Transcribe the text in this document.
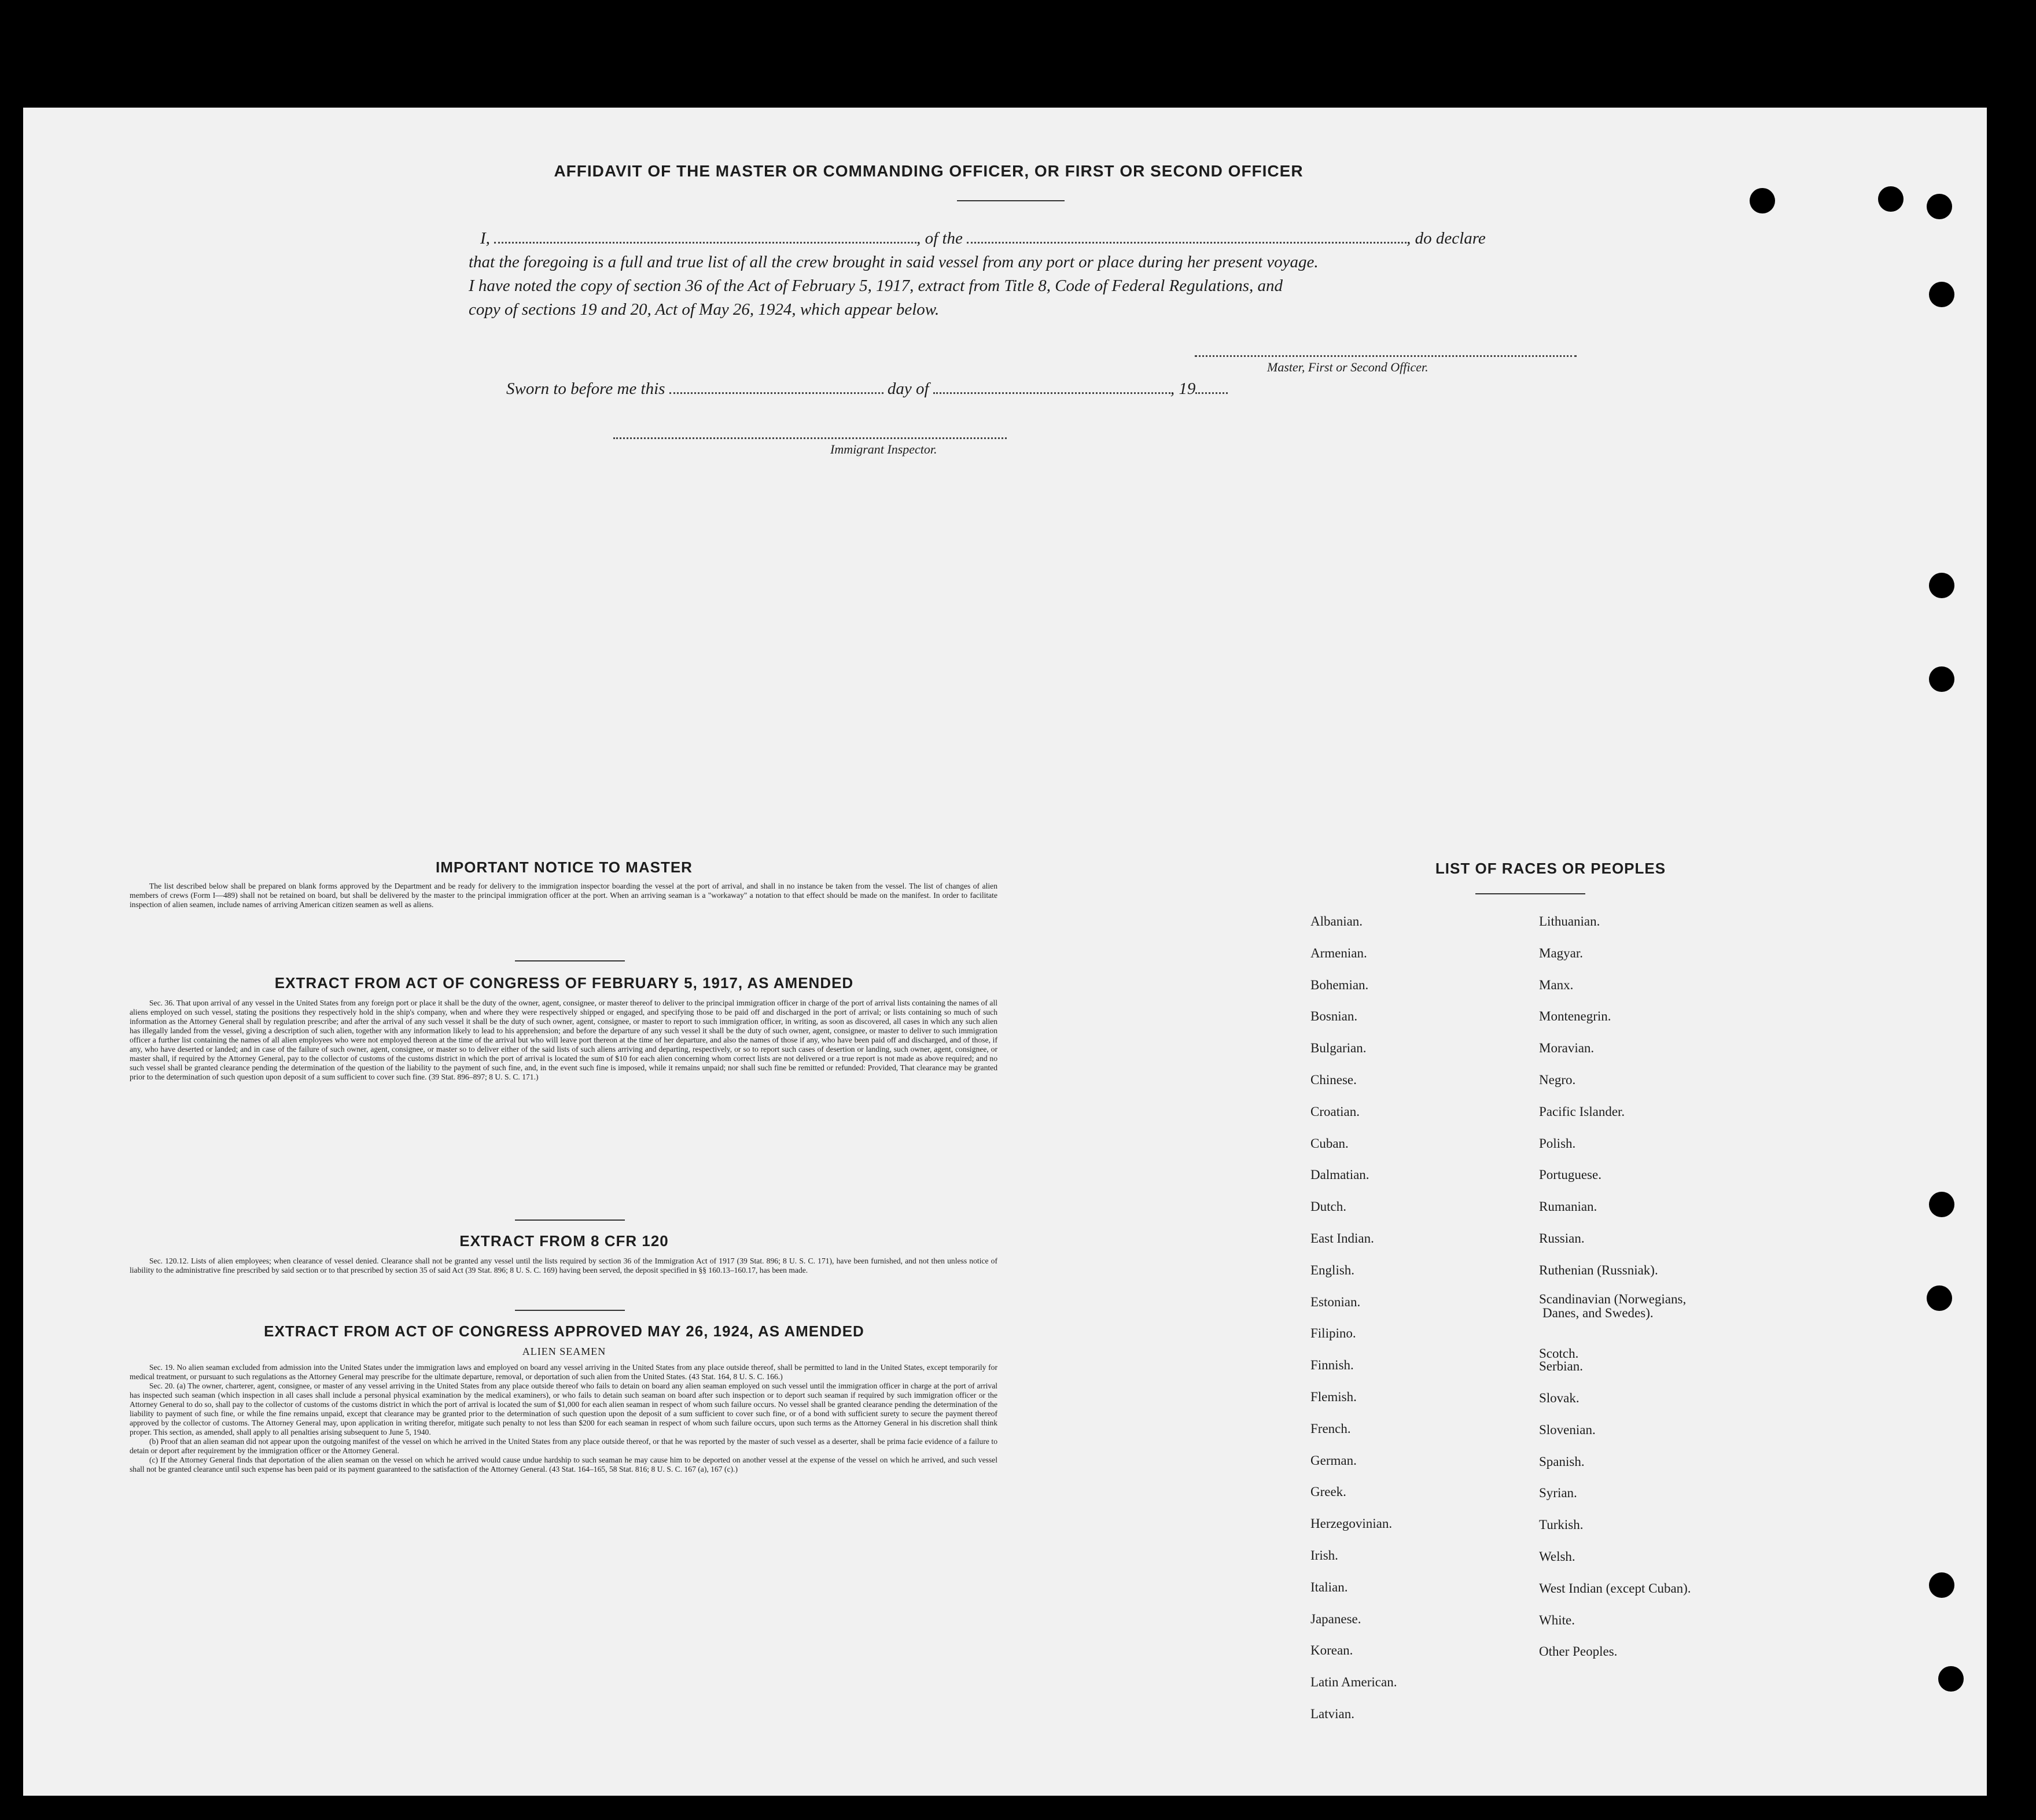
AFFIDAVIT OF THE MASTER OR COMMANDING OFFICER, OR FIRST OR SECOND OFFICER
I,	, of the	, do declare
that the foregoing is a full and true list of all the crew brought in said vessel from any port or place during her present voyage.
I have noted the copy of section 36 of the Act of February 5, 1917, extract from Title 8, Code of Federal Regulations, and
copy of sections 19 and 20, Act of May 26, 1924, which appear below.
Master, First or Second Officer.
Sworn to before me this	day of	, 19
Immigrant Inspector.
IMPORTANT NOTICE TO MASTER

The list described below shall be prepared on blank forms approved by the Department and be ready for delivery to the immigration inspector boarding the vessel at the port of arrival, and shall in no instance be taken from the vessel. The list of changes of alien members of crews (Form I—489) shall not be retained on board, but shall be delivered by the master to the principal immigration officer at the port. When an arriving seaman is a "workaway" a notation to that effect should be made on the manifest. In order to facilitate inspection of alien seamen, include names of arriving American citizen seamen as well as aliens.

EXTRACT FROM ACT OF CONGRESS OF FEBRUARY 5, 1917, AS AMENDED

Sec. 36. That upon arrival of any vessel in the United States from any foreign port or place it shall be the duty of the owner, agent, consignee, or master thereof to deliver to the principal immigration officer in charge of the port of arrival lists containing the names of all aliens employed on such vessel, stating the positions they respectively hold in the ship's company, when and where they were respectively shipped or engaged, and specifying those to be paid off and discharged in the port of arrival; or lists containing so much of such information as the Attorney General shall by regulation prescribe; and after the arrival of any such vessel it shall be the duty of such owner, agent, consignee, or master to report to such immigration officer, in writing, as soon as discovered, all cases in which any such alien has illegally landed from the vessel, giving a description of such alien, together with any information likely to lead to his apprehension; and before the departure of any such vessel it shall be the duty of such owner, agent, consignee, or master to deliver to such immigration officer a further list containing the names of all alien employees who were not employed thereon at the time of the arrival but who will leave port thereon at the time of her departure, and also the names of those if any, who have been paid off and discharged, and of those, if any, who have deserted or landed; and in case of the failure of such owner, agent, consignee, or master so to deliver either of the said lists of such aliens arriving and departing, respectively, or so to report such cases of desertion or landing, such owner, agent, consignee, or master shall, if required by the Attorney General, pay to the collector of customs of the customs district in which the port of arrival is located the sum of $10 for each alien concerning whom correct lists are not delivered or a true report is not made as above required; and no such vessel shall be granted clearance pending the determination of the question of the liability to the payment of such fine, and, in the event such fine is imposed, while it remains unpaid; nor shall such fine be remitted or refunded: Provided, That clearance may be granted prior to the determination of such question upon deposit of a sum sufficient to cover such fine. (39 Stat. 896–897; 8 U. S. C. 171.)

EXTRACT FROM 8 CFR 120

Sec. 120.12. Lists of alien employees; when clearance of vessel denied. Clearance shall not be granted any vessel until the lists required by section 36 of the Immigration Act of 1917 (39 Stat. 896; 8 U. S. C. 171), have been furnished, and not then unless notice of liability to the administrative fine prescribed by said section or to that prescribed by section 35 of said Act (39 Stat. 896; 8 U. S. C. 169) having been served, the deposit specified in §§ 160.13–160.17, has been made.

EXTRACT FROM ACT OF CONGRESS APPROVED MAY 26, 1924, AS AMENDED
ALIEN SEAMEN

Sec. 19. No alien seaman excluded from admission into the United States under the immigration laws and employed on board any vessel arriving in the United States from any place outside thereof, shall be permitted to land in the United States, except temporarily for medical treatment, or pursuant to such regulations as the Attorney General may prescribe for the ultimate departure, removal, or deportation of such alien from the United States. (43 Stat. 164, 8 U. S. C. 166.)

Sec. 20. (a) The owner, charterer, agent, consignee, or master of any vessel arriving in the United States from any place outside thereof who fails to detain on board any alien seaman employed on such vessel until the immigration officer in charge at the port of arrival has inspected such seaman (which inspection in all cases shall include a personal physical examination by the medical examiners), or who fails to detain such seaman on board after such inspection or to deport such seaman if required by such immigration officer or the Attorney General to do so, shall pay to the collector of customs of the customs district in which the port of arrival is located the sum of $1,000 for each alien seaman in respect of whom such failure occurs. No vessel shall be granted clearance pending the determination of the liability to payment of such fine, or while the fine remains unpaid, except that clearance may be granted prior to the determination of such question upon the deposit of a sum sufficient to cover such fine, or of a bond with sufficient surety to secure the payment thereof approved by the collector of customs. The Attorney General may, upon application in writing therefor, mitigate such penalty to not less than $200 for each seaman in respect of whom such failure occurs, upon such terms as the Attorney General in his discretion shall think proper. This section, as amended, shall apply to all penalties arising subsequent to June 5, 1940.

(b) Proof that an alien seaman did not appear upon the outgoing manifest of the vessel on which he arrived in the United States from any place outside thereof, or that he was reported by the master of such vessel as a deserter, shall be prima facie evidence of a failure to detain or deport after requirement by the immigration officer or the Attorney General.

(c) If the Attorney General finds that deportation of the alien seaman on the vessel on which he arrived would cause undue hardship to such seaman he may cause him to be deported on another vessel at the expense of the vessel on which he arrived, and such vessel shall not be granted clearance until such expense has been paid or its payment guaranteed to the satisfaction of the Attorney General. (43 Stat. 164–165, 58 Stat. 816; 8 U. S. C. 167 (a), 167 (c).)

LIST OF RACES OR PEOPLES
Albanian.
Armenian.
Bohemian.
Bosnian.
Bulgarian.
Chinese.
Croatian.
Cuban.
Dalmatian.
Dutch.
East Indian.
English.
Estonian.
Filipino.
Finnish.
Flemish.
French.
German.
Greek.
Herzegovinian.
Irish.
Italian.
Japanese.
Korean.
Latin American.
Latvian.
Lithuanian.
Magyar.
Manx.
Montenegrin.
Moravian.
Negro.
Pacific Islander.
Polish.
Portuguese.
Rumanian.
Russian.
Ruthenian (Russniak).
Scandinavian (Norwegians,
Danes, and Swedes).
Scotch.
Serbian.
Slovak.
Slovenian.
Spanish.
Syrian.
Turkish.
Welsh.
West Indian (except Cuban).
White.
Other Peoples.
